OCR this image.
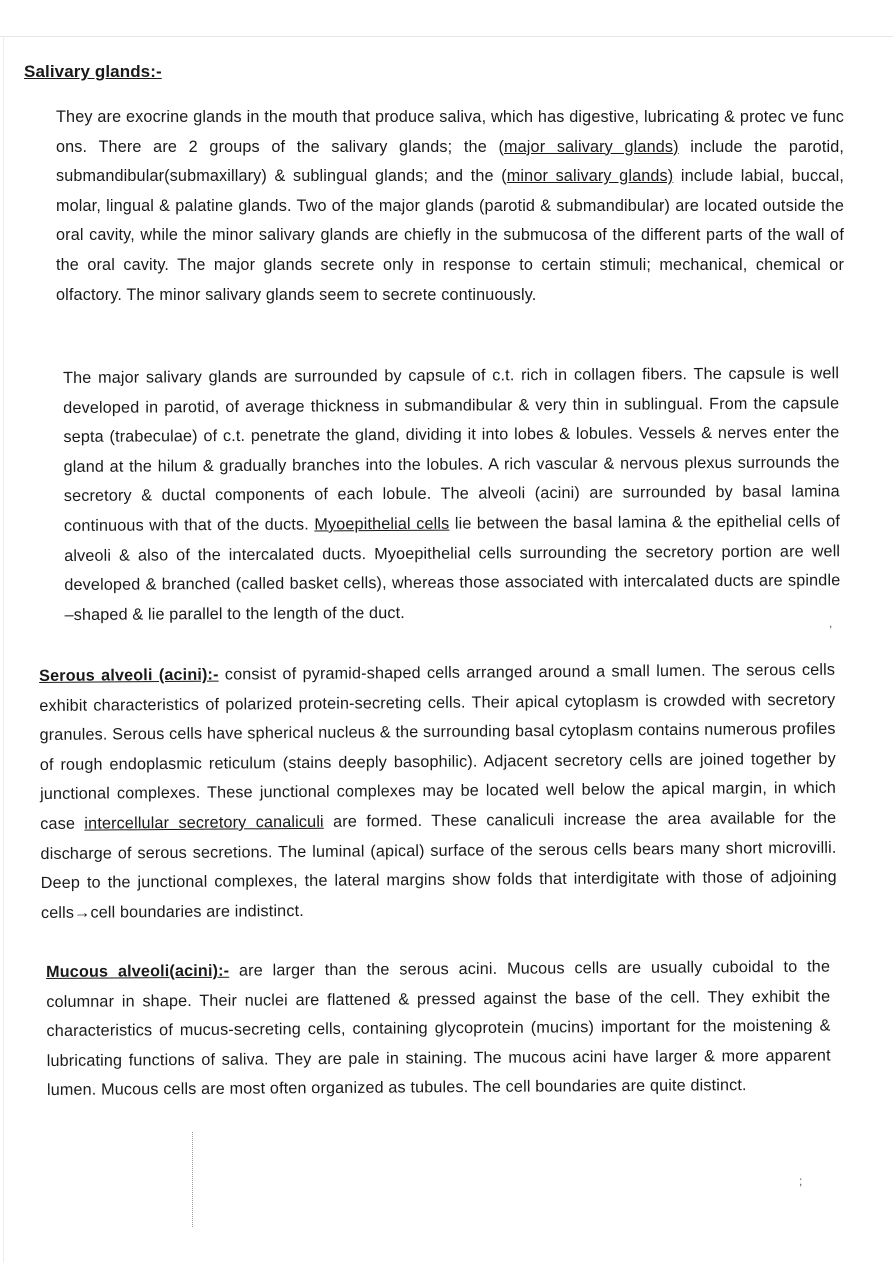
Salivary glands:-

They are exocrine glands in the mouth that produce saliva, which has digestive, lubricating & protec ve func ons. There are 2 groups of the salivary glands; the (major salivary glands) include the parotid, submandibular(submaxillary) & sublingual glands; and the (minor salivary glands) include labial, buccal, molar, lingual & palatine glands. Two of the major glands (parotid & submandibular) are located outside the oral cavity, while the minor salivary glands are chiefly in the submucosa of the different parts of the wall of the oral cavity. The major glands secrete only in response to certain stimuli; mechanical, chemical or olfactory. The minor salivary glands seem to secrete continuously.

The major salivary glands are surrounded by capsule of c.t. rich in collagen fibers. The capsule is well developed in parotid, of average thickness in submandibular & very thin in sublingual. From the capsule septa (trabeculae) of c.t. penetrate the gland, dividing it into lobes & lobules. Vessels & nerves enter the gland at the hilum & gradually branches into the lobules. A rich vascular & nervous plexus surrounds the secretory & ductal components of each lobule. The alveoli (acini) are surrounded by basal lamina continuous with that of the ducts. Myoepithelial cells lie between the basal lamina & the epithelial cells of alveoli & also of the intercalated ducts. Myoepithelial cells surrounding the secretory portion are well developed & branched (called basket cells), whereas those associated with intercalated ducts are spindle –shaped & lie parallel to the length of the duct.

Serous alveoli (acini):- consist of pyramid-shaped cells arranged around a small lumen. The serous cells exhibit characteristics of polarized protein-secreting cells. Their apical cytoplasm is crowded with secretory granules. Serous cells have spherical nucleus & the surrounding basal cytoplasm contains numerous profiles of rough endoplasmic reticulum (stains deeply basophilic). Adjacent secretory cells are joined together by junctional complexes. These junctional complexes may be located well below the apical margin, in which case intercellular secretory canaliculi are formed. These canaliculi increase the area available for the discharge of serous secretions. The luminal (apical) surface of the serous cells bears many short microvilli. Deep to the junctional complexes, the lateral margins show folds that interdigitate with those of adjoining cells→cell boundaries are indistinct.

Mucous alveoli(acini):- are larger than the serous acini. Mucous cells are usually cuboidal to the columnar in shape. Their nuclei are flattened & pressed against the base of the cell. They exhibit the characteristics of mucus-secreting cells, containing glycoprotein (mucins) important for the moistening & lubricating functions of saliva. They are pale in staining. The mucous acini have larger & more apparent lumen. Mucous cells are most often organized as tubules. The cell boundaries are quite distinct.

,
;
